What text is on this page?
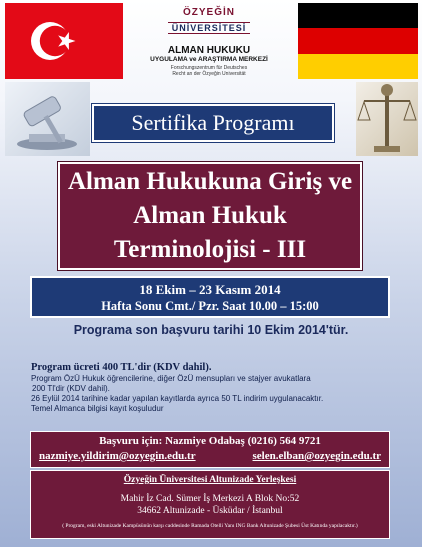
ÖZYEĞİN
ÜNİVERSİTESİ
ALMAN HUKUKU
UYGULAMA ve ARAŞTIRMA MERKEZİ
Forschungszentrum für Deutsches
Recht an der Özyeğin Universität
Sertifika Programı
Alman Hukukuna Giriş ve Alman Hukuk Terminolojisi - III
18 Ekim – 23 Kasım 2014
Hafta Sonu Cmt./ Pzr. Saat 10.00 – 15:00
Programa son başvuru tarihi 10 Ekim 2014'tür.
Program ücreti 400 TL'dir (KDV dahil).
Program ÖzÜ Hukuk öğrencilerine, diğer ÖzÜ mensupları ve stajyer avukatlara
200 Tl'dir (KDV dahil).
26 Eylül 2014 tarihine kadar yapılan kayıtlarda ayrıca 50 TL indirim uygulanacaktır.
Temel Almanca bilgisi kayıt koşuludur
Başvuru için: Nazmiye Odabaş (0216) 564 9721
nazmiye.yildirim@ozyegin.edu.tr	selen.elban@ozyegin.edu.tr
Özyeğin Üniversitesi Altunizade Yerleşkesi
Mahir İz Cad. Sümer İş Merkezi A Blok No:52
34662 Altunizade - Üsküdar / İstanbul
( Program, eski Altunizade Kampüsünün karşı caddesinde Ramada Otelli Yanı ING Bank Altunizade Şubesi Üst Katında yapılacaktır.)
